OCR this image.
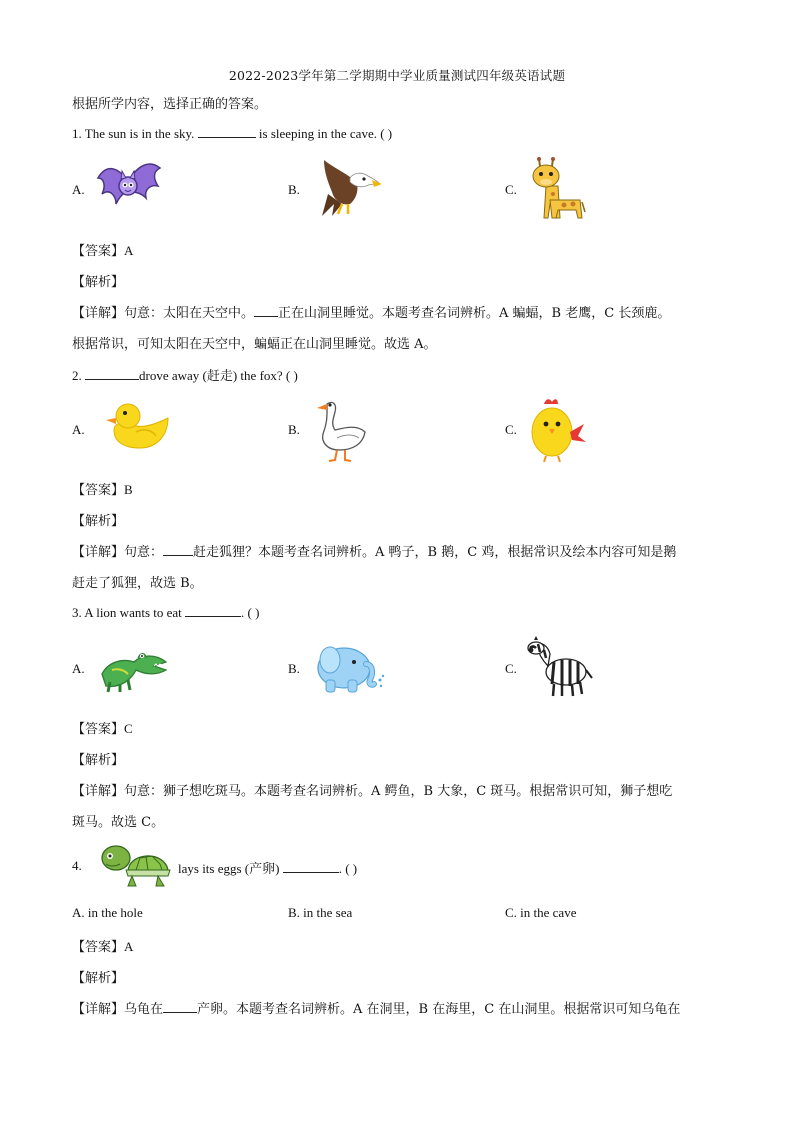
2022-2023学年第二学期期中学业质量测试四年级英语试题
根据所学内容，选择正确的答案。
1. The sun is in the sky.	is sleeping in the cave. ( )
A.	B.	C.
【答案】A
【解析】
【详解】句意：太阳在天空中。 正在山洞里睡觉。本题考查名词辨析。A 蝙蝠，B 老鹰，C 长颈鹿。
根据常识，可知太阳在天空中，蝙蝠正在山洞里睡觉。故选 A。
2.	drove away (赶走) the fox? ( )
A.	B.	C.
【答案】B
【解析】
【详解】句意： 赶走狐狸？本题考查名词辨析。A 鸭子，B 鹅，C 鸡，根据常识及绘本内容可知是鹅
赶走了狐狸，故选 B。
3. A lion wants to eat	. ( )
A.	B.	C.
【答案】C
【解析】
【详解】句意：狮子想吃斑马。本题考查名词辨析。A 鳄鱼，B 大象，C 斑马。根据常识可知，狮子想吃
斑马。故选 C。
4.	lays its eggs (产卵)	. ( )
A. in the hole	B. in the sea	C. in the cave
【答案】A
【解析】
【详解】乌龟在	产卵。本题考查名词辨析。A 在洞里，B 在海里，C 在山洞里。根据常识可知乌龟在
